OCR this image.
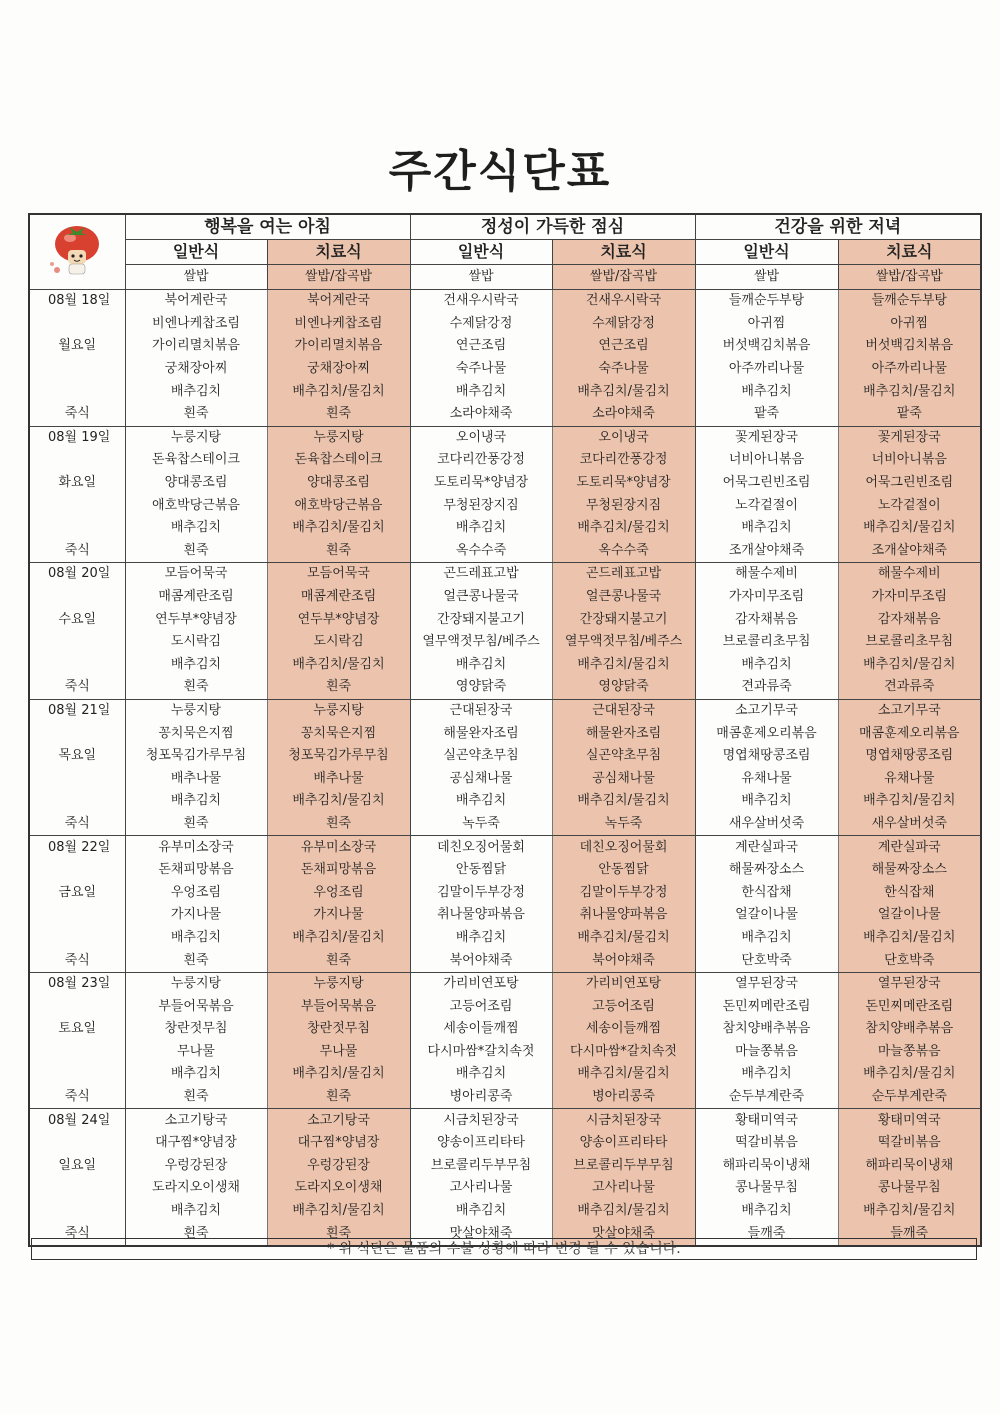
주간식단표
	행복을 여는 아침		정성이 가득한 점심		건강을 위한 저녁	
	일반식	치료식	일반식	치료식	일반식	치료식
	쌀밥	쌀밥/잡곡밥	쌀밥	쌀밥/잡곡밥	쌀밥	쌀밥/잡곡밥
08월 18일	북어계란국	북어계란국	건새우시락국	건새우시락국	들깨순두부탕	들깨순두부탕
	비엔나케찹조림	비엔나케찹조림	수제닭강정	수제닭강정	아귀찜	아귀찜
월요일	가이리멸치볶음	가이리멸치볶음	연근조림	연근조림	버섯백김치볶음	버섯백김치볶음
	궁채장아찌	궁채장아찌	숙주나물	숙주나물	아주까리나물	아주까리나물
	배추김치	배추김치/물김치	배추김치	배추김치/물김치	배추김치	배추김치/물김치
죽식	흰죽	흰죽	소라야채죽	소라야채죽	팥죽	팥죽
08월 19일	누룽지탕	누룽지탕	오이냉국	오이냉국	꽃게된장국	꽃게된장국
	돈육찹스테이크	돈육찹스테이크	코다리깐풍강정	코다리깐풍강정	너비아니볶음	너비아니볶음
화요일	양대콩조림	양대콩조림	도토리묵*양념장	도토리묵*양념장	어묵그린빈조림	어묵그린빈조림
	애호박당근볶음	애호박당근볶음	무청된장지짐	무청된장지짐	노각겉절이	노각겉절이
	배추김치	배추김치/물김치	배추김치	배추김치/물김치	배추김치	배추김치/물김치
죽식	흰죽	흰죽	옥수수죽	옥수수죽	조개살야채죽	조개살야채죽
08월 20일	모듬어묵국	모듬어묵국	곤드레표고밥	곤드레표고밥	해물수제비	해물수제비
	매콤계란조림	매콤계란조림	얼큰콩나물국	얼큰콩나물국	가자미무조림	가자미무조림
수요일	연두부*양념장	연두부*양념장	간장돼지불고기	간장돼지불고기	감자채볶음	감자채볶음
	도시락김	도시락김	열무액젓무침/베주스	열무액젓무침/베주스	브로콜리초무침	브로콜리초무침
	배추김치	배추김치/물김치	배추김치	배추김치/물김치	배추김치	배추김치/물김치
죽식	흰죽	흰죽	영양닭죽	영양닭죽	견과류죽	견과류죽
08월 21일	누룽지탕	누룽지탕	근대된장국	근대된장국	소고기무국	소고기무국
	꽁치묵은지찜	꽁치묵은지찜	해물완자조림	해물완자조림	매콤훈제오리볶음	매콤훈제오리볶음
목요일	청포묵김가루무침	청포묵김가루무침	실곤약초무침	실곤약초무침	명엽채땅콩조림	명엽채땅콩조림
	배추나물	배추나물	공심채나물	공심채나물	유채나물	유채나물
	배추김치	배추김치/물김치	배추김치	배추김치/물김치	배추김치	배추김치/물김치
죽식	흰죽	흰죽	녹두죽	녹두죽	새우살버섯죽	새우살버섯죽
08월 22일	유부미소장국	유부미소장국	데친오징어물회	데친오징어물회	계란실파국	계란실파국
	돈채피망볶음	돈채피망볶음	안동찜닭	안동찜닭	해물짜장소스	해물짜장소스
금요일	우엉조림	우엉조림	김말이두부강정	김말이두부강정	한식잡채	한식잡채
	가지나물	가지나물	취나물양파볶음	취나물양파볶음	얼갈이나물	얼갈이나물
	배추김치	배추김치/물김치	배추김치	배추김치/물김치	배추김치	배추김치/물김치
죽식	흰죽	흰죽	북어야채죽	북어야채죽	단호박죽	단호박죽
08월 23일	누룽지탕	누룽지탕	가리비연포탕	가리비연포탕	열무된장국	열무된장국
	부들어묵볶음	부들어묵볶음	고등어조림	고등어조림	돈민찌메란조림	돈민찌메란조림
토요일	창란젓무침	창란젓무침	세송이들깨찜	세송이들깨찜	참치양배추볶음	참치양배추볶음
	무나물	무나물	다시마쌈*갈치속젓	다시마쌈*갈치속젓	마늘쫑볶음	마늘쫑볶음
	배추김치	배추김치/물김치	배추김치	배추김치/물김치	배추김치	배추김치/물김치
죽식	흰죽	흰죽	병아리콩죽	병아리콩죽	순두부계란죽	순두부계란죽
08월 24일	소고기탕국	소고기탕국	시금치된장국	시금치된장국	황태미역국	황태미역국
	대구찜*양념장	대구찜*양념장	양송이프리타타	양송이프리타타	떡갈비볶음	떡갈비볶음
일요일	우렁강된장	우렁강된장	브로콜리두부무침	브로콜리두부무침	해파리묵이냉채	해파리묵이냉채
	도라지오이생채	도라지오이생채	고사리나물	고사리나물	콩나물무침	콩나물무침
	배추김치	배추김치/물김치	배추김치	배추김치/물김치	배추김치	배추김치/물김치
죽식	흰죽	흰죽	맛살야채죽	맛살야채죽	들깨죽	들깨죽
* 위 식단은 물품의 수불 상황에 따라 변경 될 수 있습니다.
